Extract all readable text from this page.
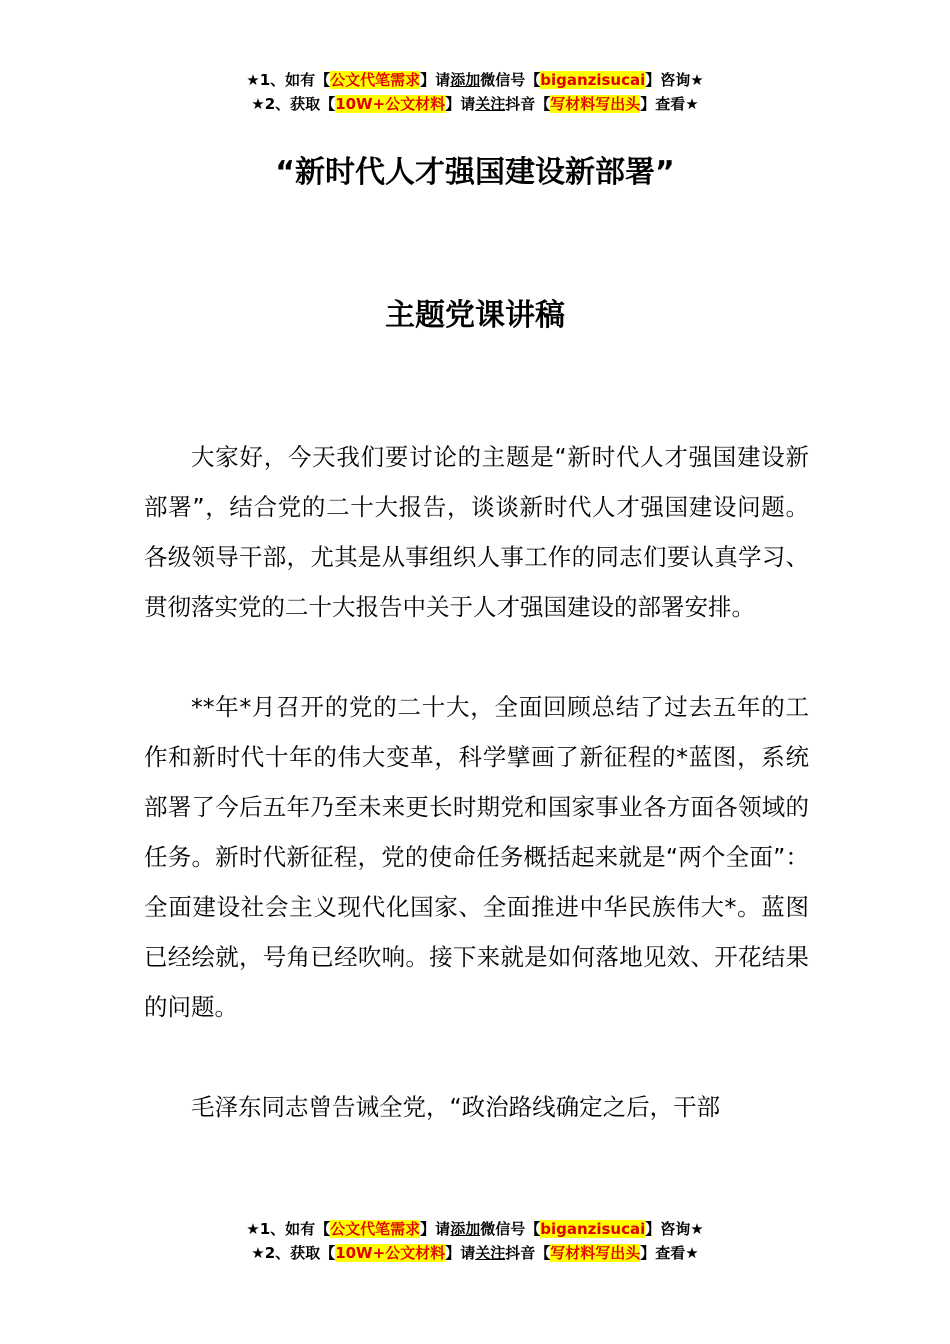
★1、如有【公文代笔需求】请添加微信号【biganzisucai】咨询★
★2、获取【10W+公文材料】请关注抖音【写材料写出头】查看★
“新时代人才强国建设新部署”
主题党课讲稿

大家好，今天我们要讨论的主题是“新时代人才强国建设新部署”，结合党的二十大报告，谈谈新时代人才强国建设问题。各级领导干部，尤其是从事组织人事工作的同志们要认真学习、贯彻落实党的二十大报告中关于人才强国建设的部署安排。

**年*月召开的党的二十大，全面回顾总结了过去五年的工作和新时代十年的伟大变革，科学擘画了新征程的*蓝图，系统部署了今后五年乃至未来更长时期党和国家事业各方面各领域的任务。新时代新征程，党的使命任务概括起来就是“两个全面”：全面建设社会主义现代化国家、全面推进中华民族伟大*。蓝图已经绘就，号角已经吹响。接下来就是如何落地见效、开花结果的问题。

毛泽东同志曾告诫全党，“政治路线确定之后，干部

★1、如有【公文代笔需求】请添加微信号【biganzisucai】咨询★
★2、获取【10W+公文材料】请关注抖音【写材料写出头】查看★
